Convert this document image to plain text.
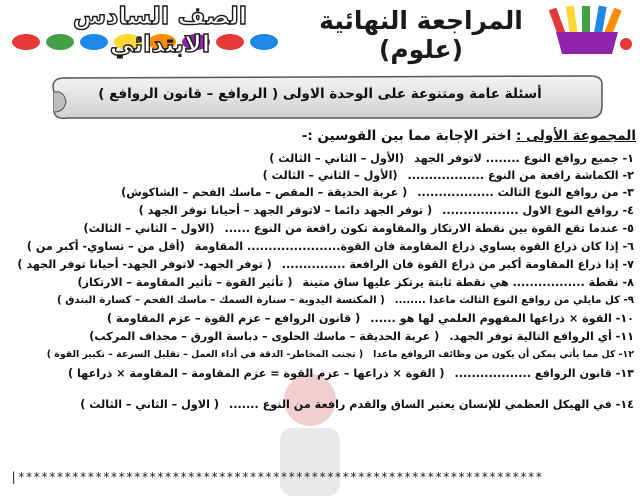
الصف السادس الابتدائي
المراجعة النهائية (علوم)
أسئلة عامة ومتنوعة على الوحدة الاولى ( الروافع – قانون الروافع )
المجموعة الأولى : اختر الإجابة مما بين القوسين :-
١- جميع روافع النوع ........ لاتوفر الجهد(الأول – الثاني – الثالث )
٢- الكماشة رافعة من النوع ..................(الأول – الثاني – الثالث )
٣- من روافع النوع الثالث ..................( عربة الحديقة – المقص – ماسك الفحم – الشاكوش)
٤- روافع النوع الاول ..................( توفر الجهد دائما – لاتوفر الجهد – أحيانا توفر الجهد )
٥- عندما تقع القوة بين نقطة الارتكاز والمقاومة تكون رافعة من النوع ......(الاول – الثاني – الثالث)
٦- إذا كان ذراع القوة يساوي ذراع المقاومة فان القوة...................... المقاومة(أقل من – تساوي- أكبر من )
٧- إذا ذراع المقاومة أكبر من ذراع القوة فان الرافعة ...............( توفر الجهد- لاتوفر الجهد- أحيانا توفر الجهد )
٨- نقطة ................. هي نقطة ثابتة يرتكز عليها ساق متينة( تأثير القوة – تأثير المقاومة – الارتكاز)
٩- كل مايلي من روافع النوع الثالث ماعدا ........( المكنسة اليدوية – سنارة السمك – ماسك الفحم – كسارة البندق )
١٠- القوة × ذراعها المفهوم العلمي لها هو ......( قانون الروافع – عزم القوة – عزم المقاومة )
١١- أي الروافع التالية توفر الجهد.( عربة الحديقة – ماسك الحلوى – دباسة الورق – مجداف المركب)
١٢- كل مما يأتي يمكن أن يكون من وظائف الروافع ماعدا( تجنب المخاطر- الدقة في أداء العمل – تقليل السرعة – تكبير القوة )
١٣- قانون الروافع ..................( القوة × ذراعها – عزم القوة = عزم المقاومة – المقاومة × ذراعها )
١٤- في الهيكل العظمي للإنسان يعتبر الساق والقدم رافعة من النوع .......( الاول – الثاني – الثالث )
|********************************************************************
